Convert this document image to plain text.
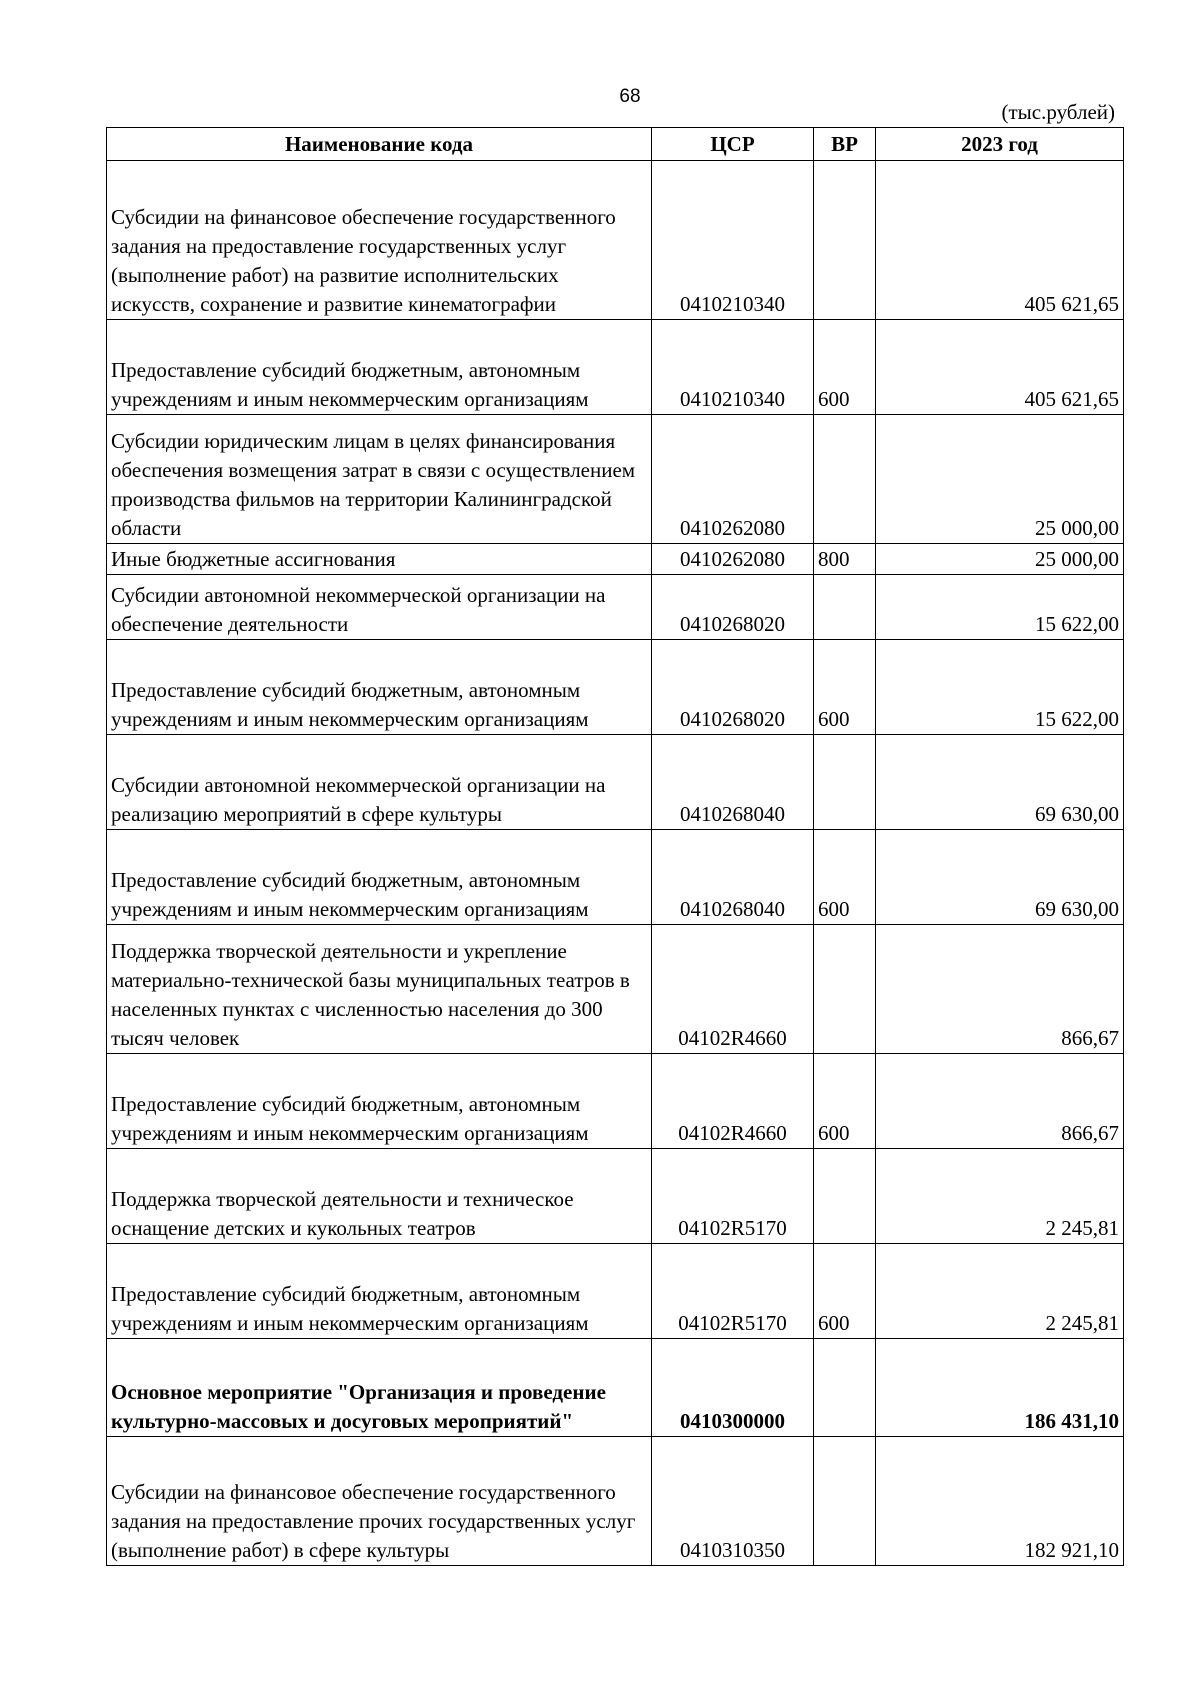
68
(тыс.рублей)
Наименование кода	ЦСР	ВР	2023 год
Субсидии на финансовое обеспечение государственного задания на предоставление государственных услуг (выполнение работ) на развитие исполнительских искусств, сохранение и развитие кинематографии	0410210340		405 621,65
Предоставление субсидий бюджетным, автономным учреждениям и иным некоммерческим организациям	0410210340	600	405 621,65
Субсидии юридическим лицам в целях финансирования обеспечения возмещения затрат в связи с осуществлением производства фильмов на территории Калининградской области	0410262080		25 000,00
Иные бюджетные ассигнования	0410262080	800	25 000,00
Субсидии автономной некоммерческой организации на обеспечение деятельности	0410268020		15 622,00
Предоставление субсидий бюджетным, автономным учреждениям и иным некоммерческим организациям	0410268020	600	15 622,00
Субсидии автономной некоммерческой организации на реализацию мероприятий в сфере культуры	0410268040		69 630,00
Предоставление субсидий бюджетным, автономным учреждениям и иным некоммерческим организациям	0410268040	600	69 630,00
Поддержка творческой деятельности и укрепление материально-технической базы муниципальных театров в населенных пунктах с численностью населения до 300 тысяч человек	04102R4660		866,67
Предоставление субсидий бюджетным, автономным учреждениям и иным некоммерческим организациям	04102R4660	600	866,67
Поддержка творческой деятельности и техническое оснащение детских и кукольных театров	04102R5170		2 245,81
Предоставление субсидий бюджетным, автономным учреждениям и иным некоммерческим организациям	04102R5170	600	2 245,81
Основное мероприятие "Организация и проведение культурно-массовых и досуговых мероприятий"	0410300000		186 431,10
Субсидии на финансовое обеспечение государственного задания на предоставление прочих государственных услуг (выполнение работ) в сфере культуры	0410310350		182 921,10
